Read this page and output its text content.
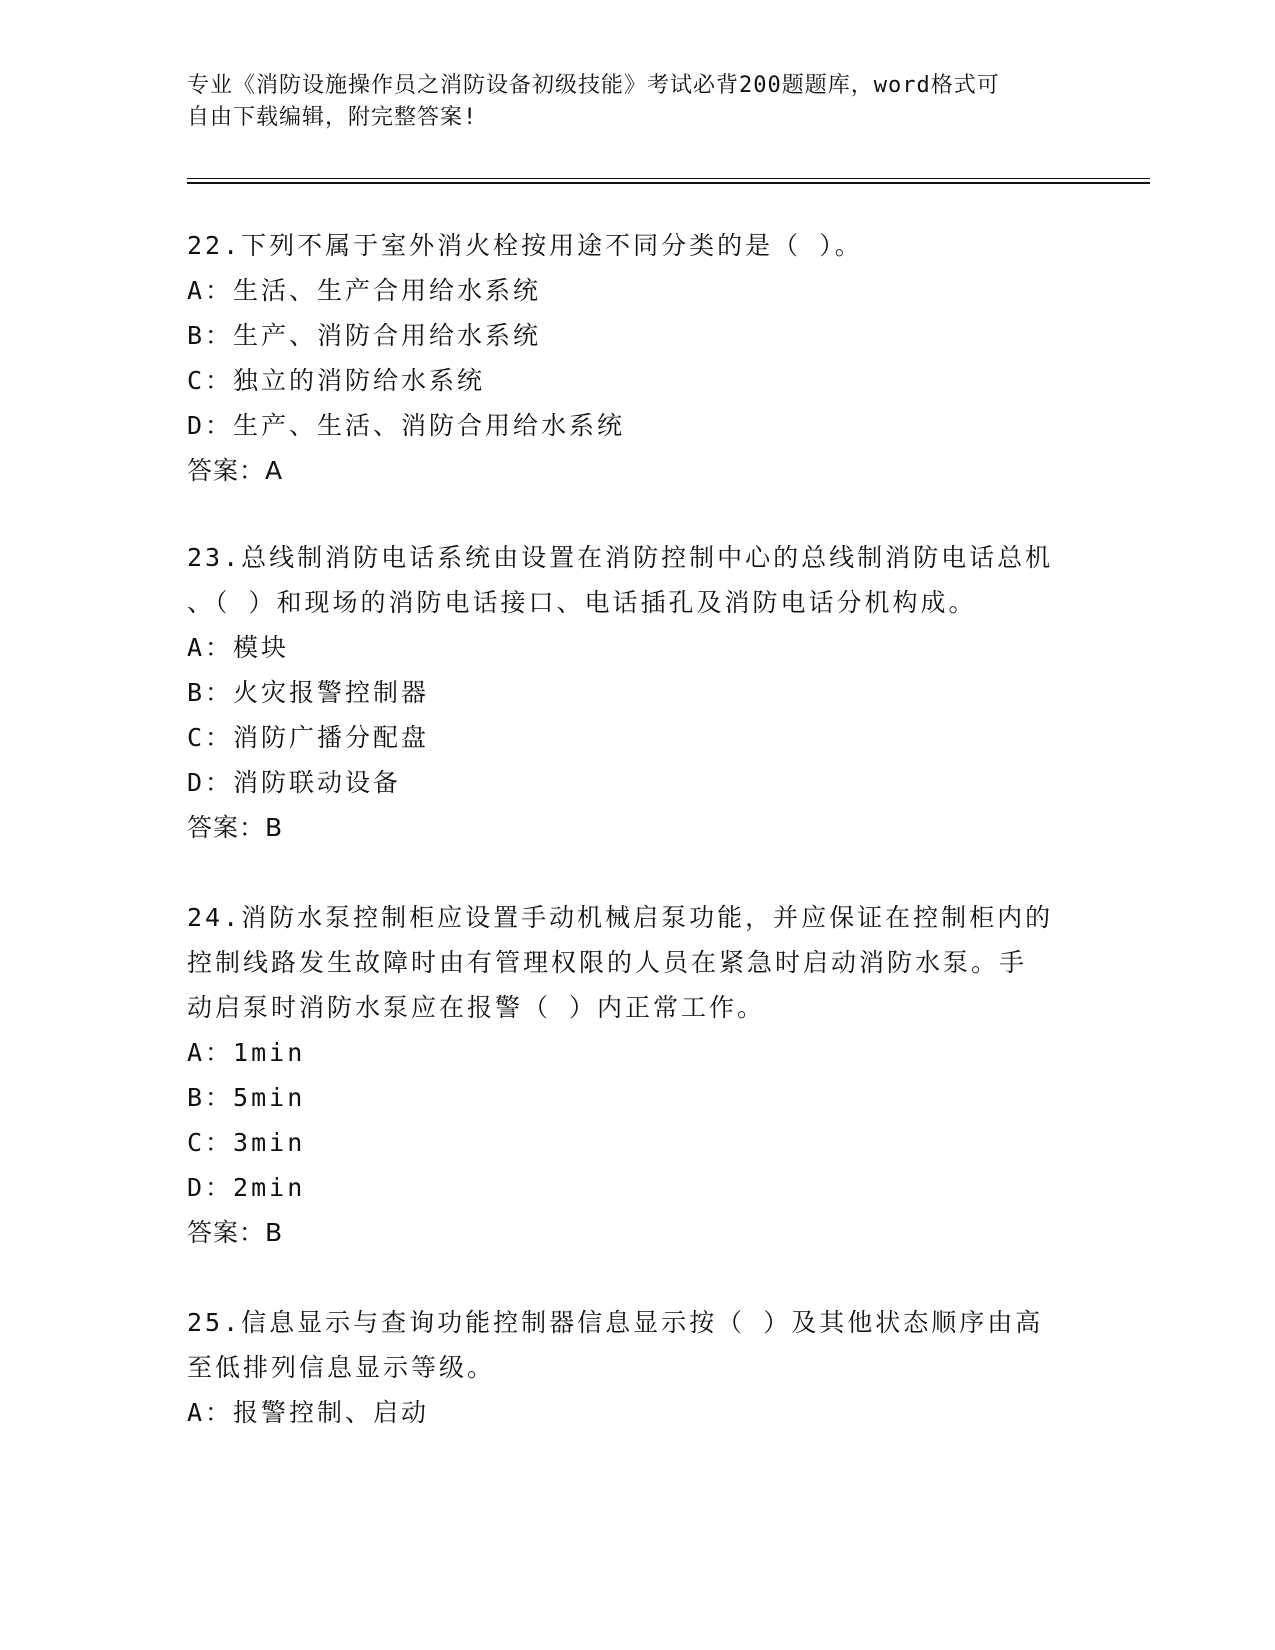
专业《消防设施操作员之消防设备初级技能》考试必背200题题库，word格式可
自由下载编辑，附完整答案!
22.下列不属于室外消火栓按用途不同分类的是（ ）。
A：生活、生产合用给水系统
B：生产、消防合用给水系统
C：独立的消防给水系统
D：生产、生活、消防合用给水系统
答案：A
23.总线制消防电话系统由设置在消防控制中心的总线制消防电话总机
、（ ）和现场的消防电话接口、电话插孔及消防电话分机构成。
A：模块
B：火灾报警控制器
C：消防广播分配盘
D：消防联动设备
答案：B
24.消防水泵控制柜应设置手动机械启泵功能，并应保证在控制柜内的
控制线路发生故障时由有管理权限的人员在紧急时启动消防水泵。手
动启泵时消防水泵应在报警（ ）内正常工作。
A：1min
B：5min
C：3min
D：2min
答案：B
25.信息显示与查询功能控制器信息显示按（ ）及其他状态顺序由高
至低排列信息显示等级。
A：报警控制、启动
